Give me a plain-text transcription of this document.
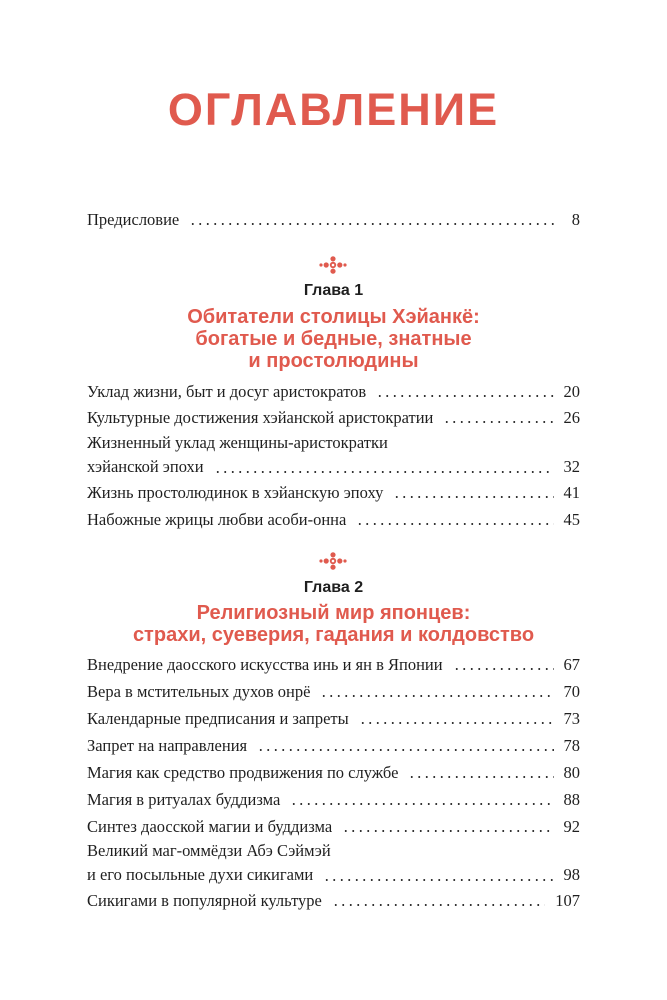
ОГЛАВЛЕНИЕ
Предисловие	8
Глава 1
Обитатели столицы Хэйанкё:
богатые и бедные, знатные
и простолюдины
Уклад жизни, быт и досуг аристократов	20
Культурные достижения хэйанской аристократии	26
Жизненный уклад женщины-аристократки
хэйанской эпохи	32
Жизнь простолюдинок в хэйанскую эпоху	41
Набожные жрицы любви асоби-онна	45
Глава 2
Религиозный мир японцев:
страхи, суеверия, гадания и колдовство
Внедрение даосского искусства инь и ян в Японии	67
Вера в мстительных духов онрё	70
Календарные предписания и запреты	73
Запрет на направления	78
Магия как средство продвижения по службе	80
Магия в ритуалах буддизма	88
Синтез даосской магии и буддизма	92
Великий маг-оммёдзи Абэ Сэймэй
и его посыльные духи сикигами	98
Сикигами в популярной культуре	107
